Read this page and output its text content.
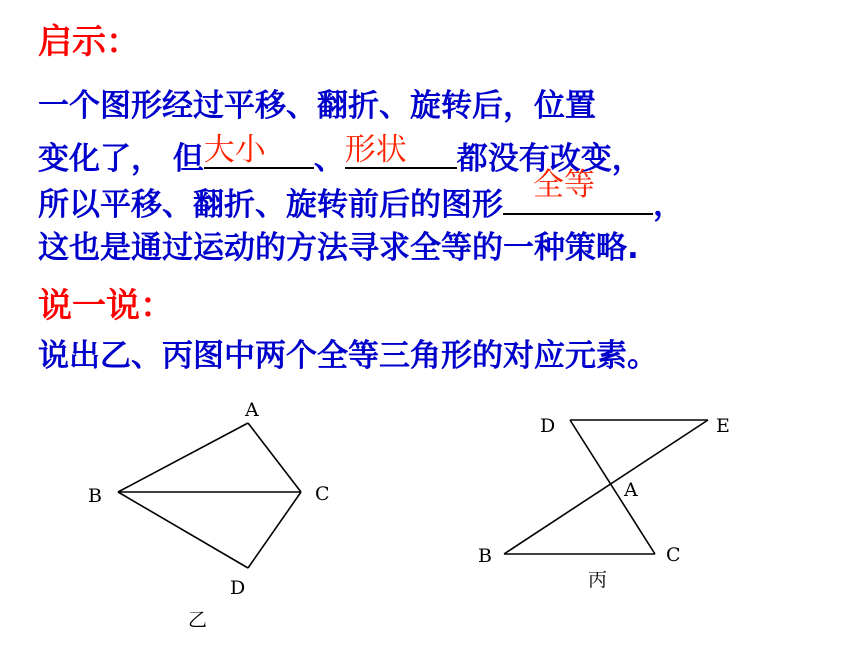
启示：
一个图形经过平移、翻折、旋转后，位置
变化了， 但 大小 、 形状 都没有改变，
所以平移、翻折、旋转前后的图形
全等
，
这也是通过运动的方法寻求全等的一种策略.
说一说：
说出乙、丙图中两个全等三角形的对应元素。
A
B	C
D
乙
D	E
A
B	C
丙
